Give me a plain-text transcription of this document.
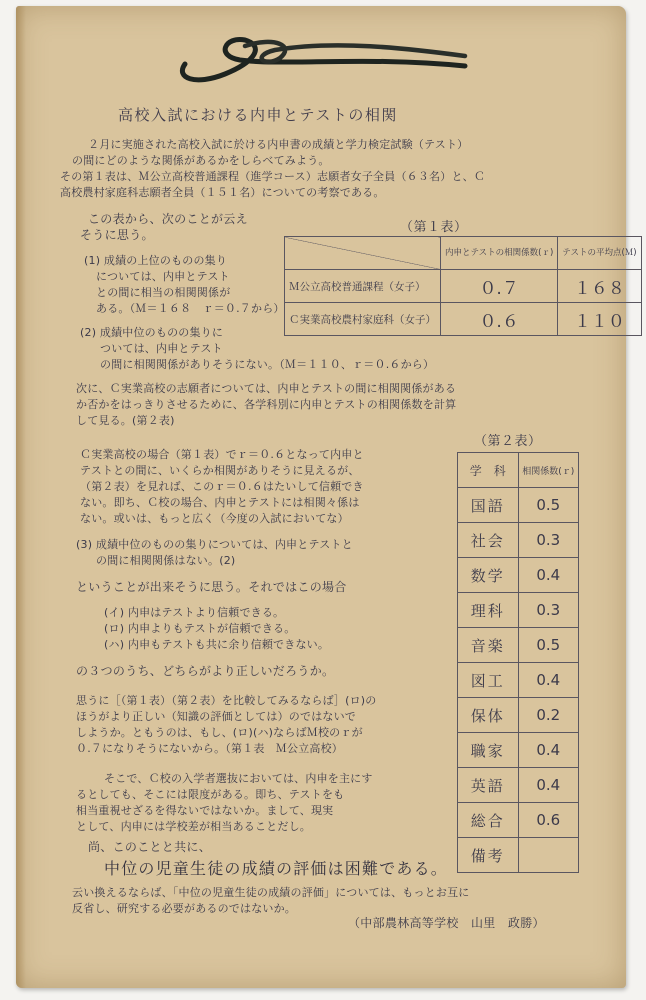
高校入試における内申とテストの相関
２月に実施された高校入試に於ける内申書の成績と学力検定試験（テスト）
の間にどのような関係があるかをしらべてみよう。
その第１表は、Ｍ公立高校普通課程（進学コース）志願者女子全員（６３名）と、Ｃ
高校農村家庭科志願者全員（１５１名）についての考察である。
この表から、次のことが云え
そうに思う。	（第１表）
	内申とテストの相関係数(ｒ)	テストの平均点(Ｍ)
Ｍ公立高校普通課程（女子）	０.７	１６８
Ｃ実業高校農村家庭科（女子）	０.６	１１０
(1) 成績の上位のものの集り
については、内申とテスト
との間に相当の相関関係が
ある。（Ｍ＝１６８　ｒ＝０.７から）
(2) 成績中位のものの集りに
ついては、内申とテスト
の間に相関関係がありそうにない。（Ｍ＝１１０、ｒ＝０.６から）
次に、Ｃ実業高校の志願者については、内申とテストの間に相関関係がある
か否かをはっきりさせるために、各学科別に内申とテストの相関係数を計算
して見る。(第２表)
（第２表）
学　科	相関係数(ｒ)
国語	0.5
社会	0.3
数学	0.4
理科	0.3
音楽	0.5
図工	0.4
保体	0.2
職家	0.4
英語	0.4
総合	0.6
備考	
Ｃ実業高校の場合（第１表）でｒ＝０.６となって内申と
テストとの間に、いくらか相関がありそうに見えるが、
（第２表）を見れば、このｒ＝０.６はたいして信頼でき
ない。即ち、Ｃ校の場合、内申とテストには相関々係は
ない。或いは、もっと広く（今度の入試においてな）
(3) 成績中位のものの集りについては、内申とテストと
の間に相関関係はない。(2)
ということが出来そうに思う。それではこの場合
(イ) 内申はテストより信頼できる。
(ロ) 内申よりもテストが信頼できる。
(ハ) 内申もテストも共に余り信頼できない。
の３つのうち、どちらがより正しいだろうか。
思うに［（第１表）（第２表）を比較してみるならば］(ロ)の
ほうがより正しい（知識の評価としては）のではないで
しようか。ともうのは、もし、(ロ)(ハ)ならばＭ校のｒが
０.７になりそうにないから。（第１表　Ｍ公立高校）
そこで、Ｃ校の入学者選抜においては、内申を主にす
るとしても、そこには限度がある。即ち、テストをも
相当重視せざるを得ないではないか。まして、現実
として、内申には学校差が相当あることだし。
尚、このことと共に、
中位の児童生徒の成績の評価は困難である。
云い換えるならば、「中位の児童生徒の成績の評価」については、もっとお互に
反省し、研究する必要があるのではないか。
（中部農林高等学校　山里　政勝）
